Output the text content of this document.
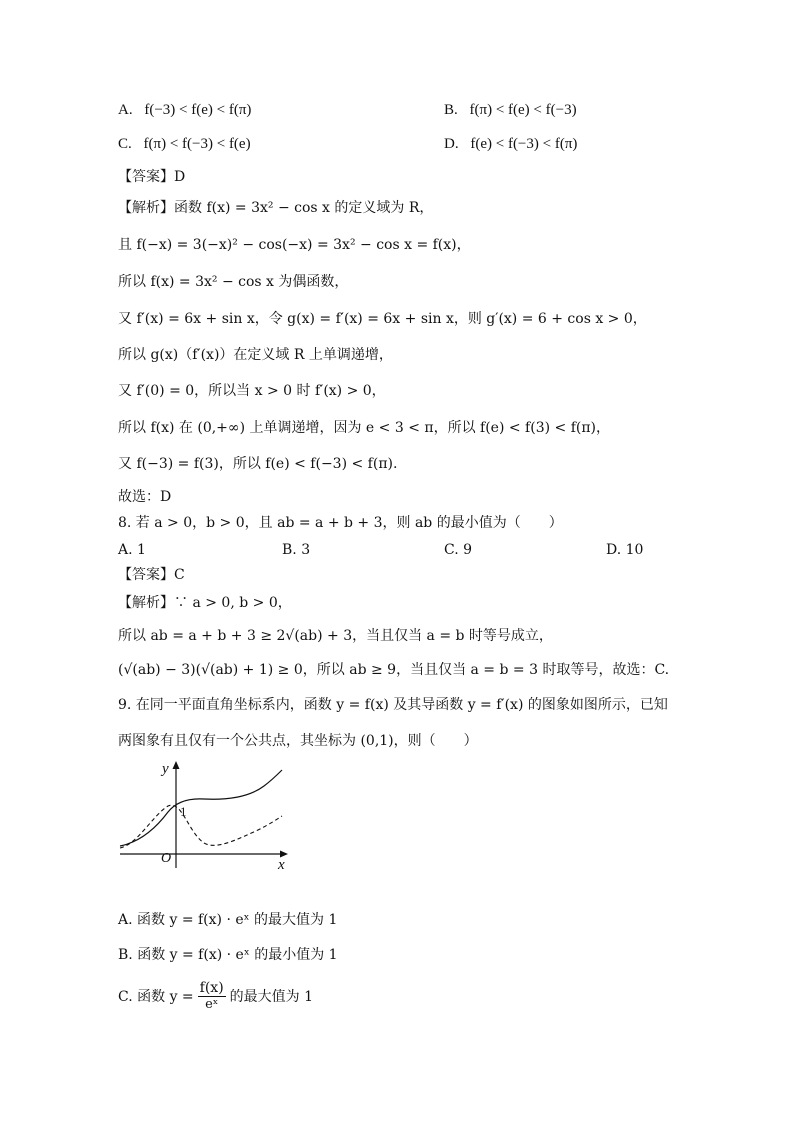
A. f(−3) < f(e) < f(π)	B. f(π) < f(e) < f(−3)
C. f(π) < f(−3) < f(e)	D. f(e) < f(−3) < f(π)
【答案】D
【解析】函数 f(x) = 3x² − cos x 的定义域为 R，
且 f(−x) = 3(−x)² − cos(−x) = 3x² − cos x = f(x)，
所以 f(x) = 3x² − cos x 为偶函数，
又 f′(x) = 6x + sin x，令 g(x) = f′(x) = 6x + sin x，则 g′(x) = 6 + cos x > 0，
所以 g(x)（f′(x)）在定义域 R 上单调递增，
又 f′(0) = 0，所以当 x > 0 时 f′(x) > 0，
所以 f(x) 在 (0,+∞) 上单调递增，因为 e < 3 < π，所以 f(e) < f(3) < f(π)，
又 f(−3) = f(3)，所以 f(e) < f(−3) < f(π).
故选：D
8. 若 a > 0，b > 0，且 ab = a + b + 3，则 ab 的最小值为（　　）
A. 1	B. 3	C. 9	D. 10
【答案】C
【解析】∵ a > 0, b > 0，
所以 ab = a + b + 3 ≥ 2√(ab) + 3，当且仅当 a = b 时等号成立，
(√(ab) − 3)(√(ab) + 1) ≥ 0，所以 ab ≥ 9，当且仅当 a = b = 3 时取等号，故选：C.
9. 在同一平面直角坐标系内，函数 y = f(x) 及其导函数 y = f′(x) 的图象如图所示，已知
两图象有且仅有一个公共点，其坐标为 (0,1)，则（　　）
y
x
O
1
A. 函数 y = f(x) · eˣ 的最大值为 1
B. 函数 y = f(x) · eˣ 的最小值为 1
C. 函数 $y = \frac{f(x)}{\text{eˣ}}$ 的最大值为 1
